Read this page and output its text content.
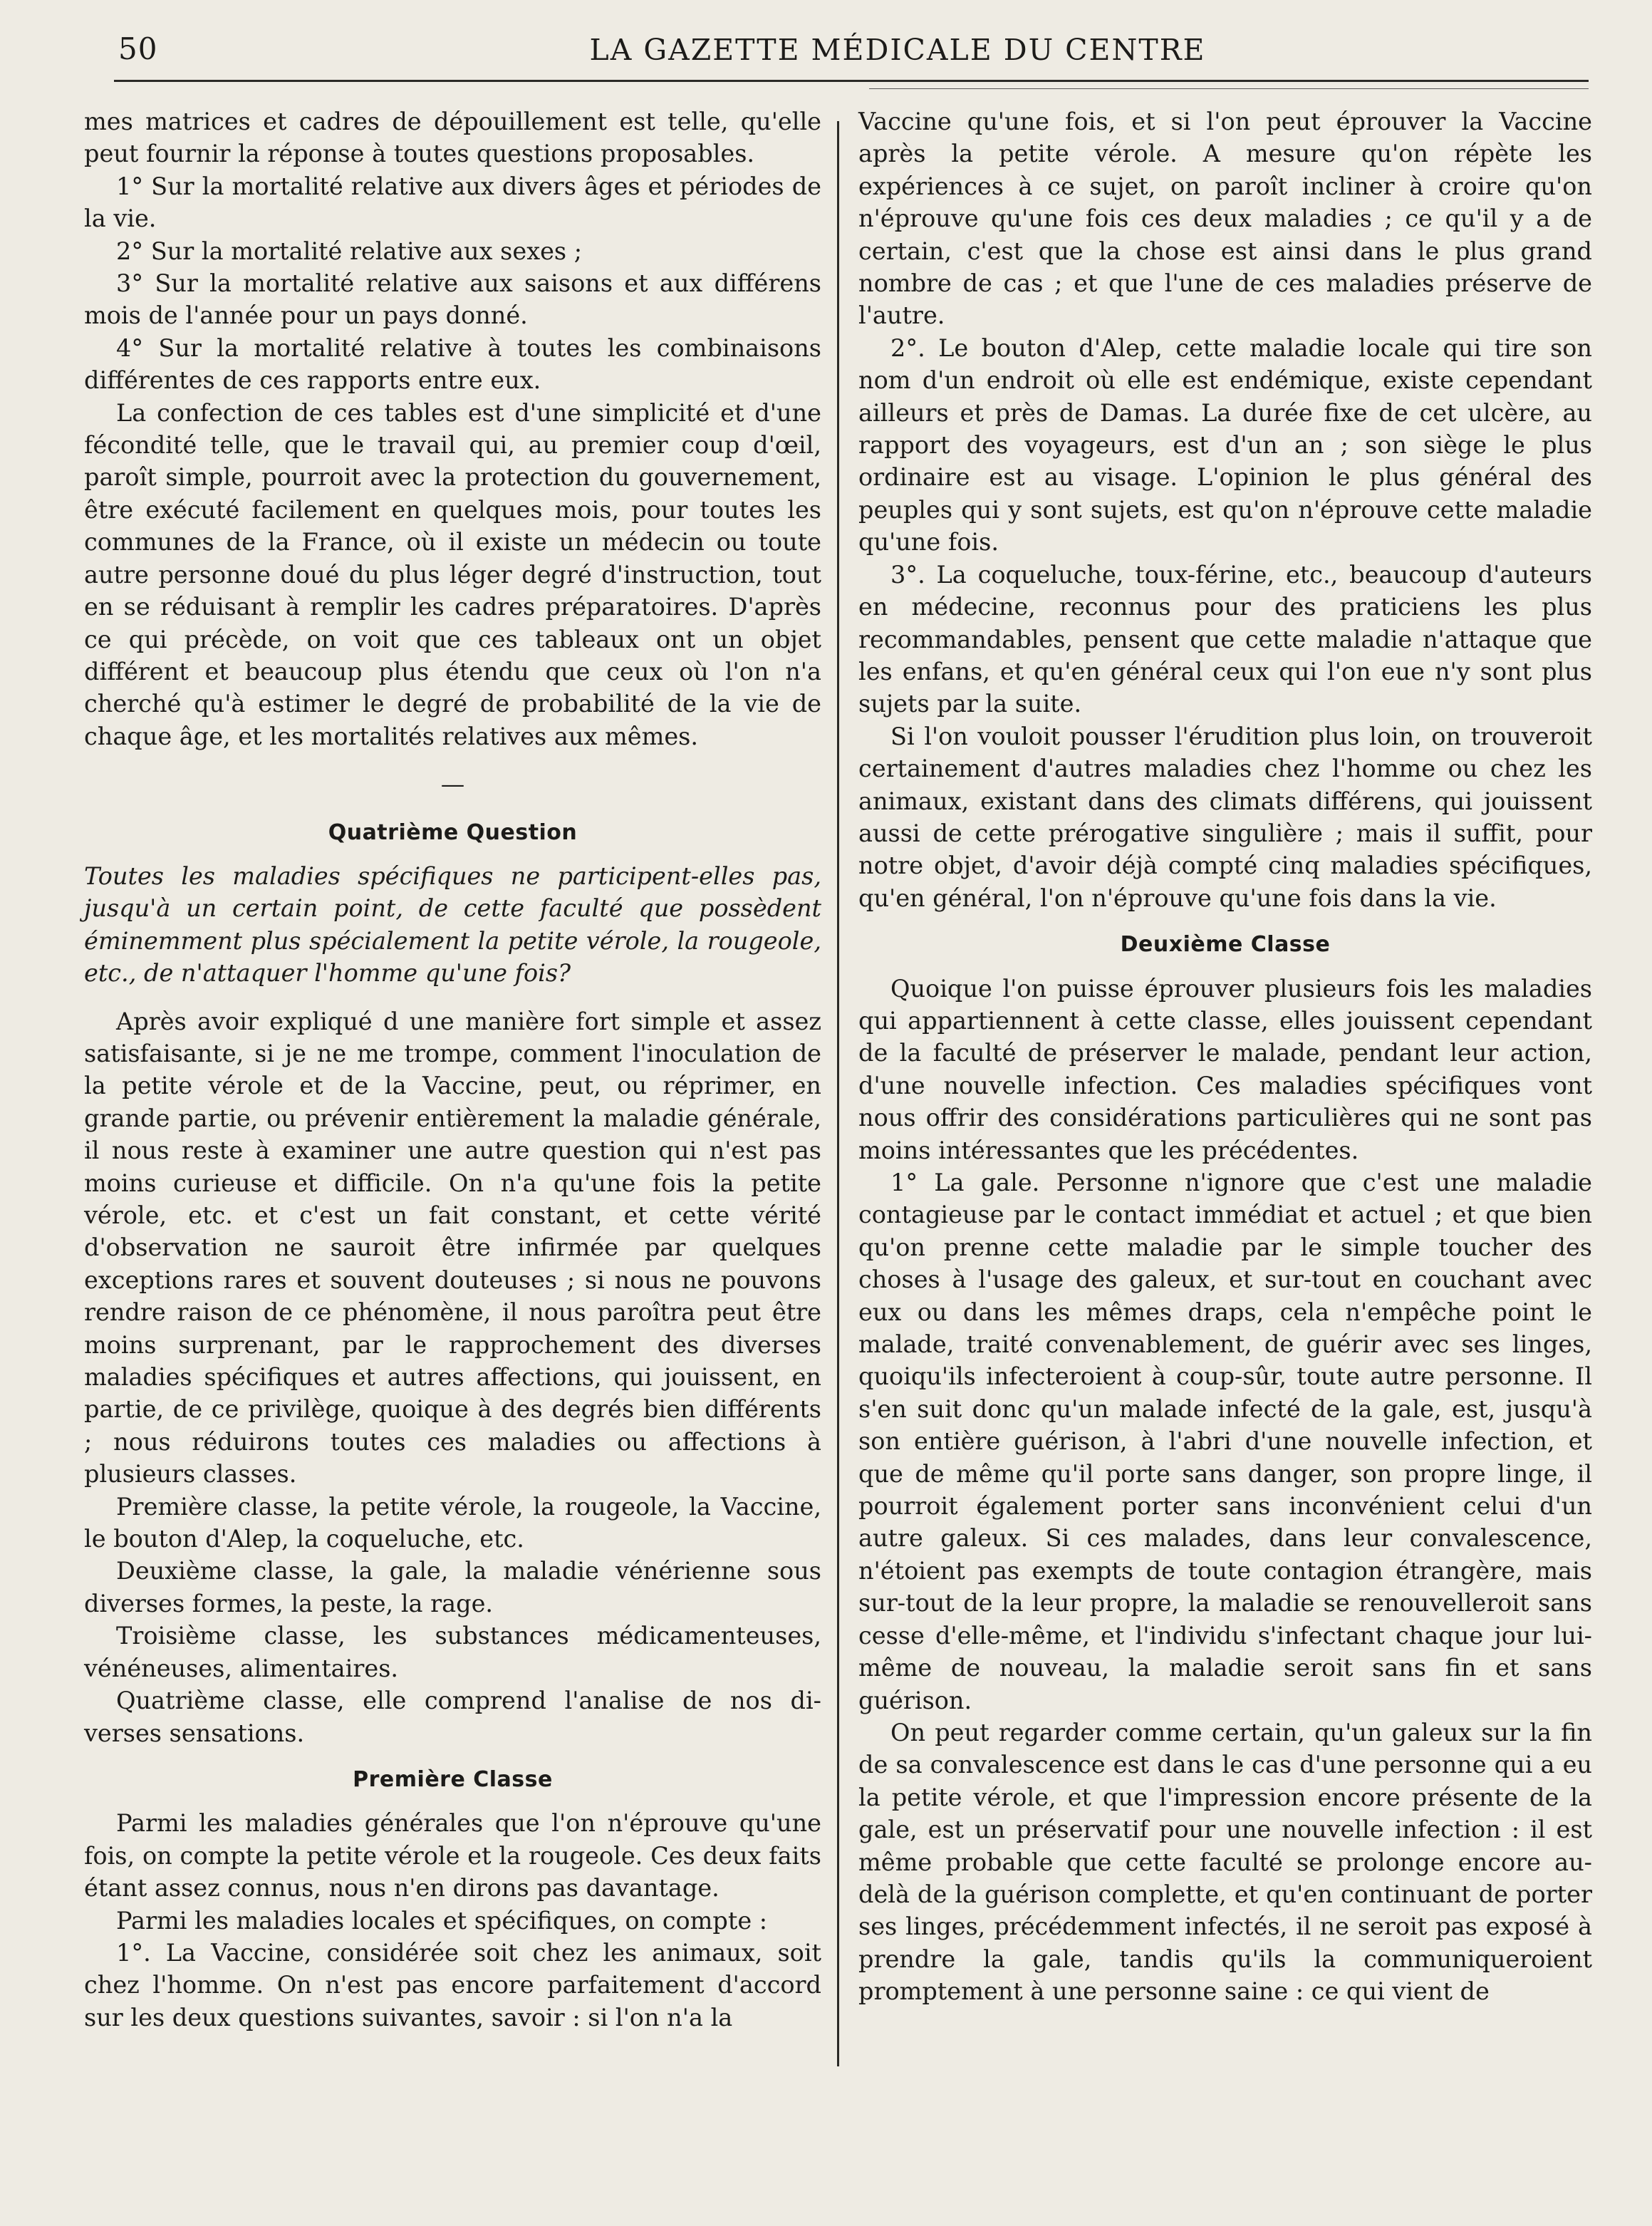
50	LA GAZETTE MÉDICALE DU CENTRE

mes matrices et cadres de dépouillement est telle, qu'elle peut fournir la réponse à toutes questions proposables.

1° Sur la mortalité relative aux divers âges et périodes de la vie.

2° Sur la mortalité relative aux sexes ;

3° Sur la mortalité relative aux saisons et aux différens mois de l'année pour un pays donné.

4° Sur la mortalité relative à toutes les combinaisons différentes de ces rapports entre eux.

La confection de ces tables est d'une simplicité et d'une fécondité telle, que le travail qui, au premier coup d'œil, paroît simple, pourroit avec la protection du gouvernement, être exécuté facilement en quelques mois, pour toutes les communes de la France, où il existe un médecin ou toute autre personne doué du plus léger degré d'instruction, tout en se réduisant à remplir les cadres préparatoires. D'après ce qui précède, on voit que ces tableaux ont un objet différent et beaucoup plus étendu que ceux où l'on n'a cherché qu'à estimer le degré de probabilité de la vie de chaque âge, et les mortalités relatives aux mêmes.

—

Quatrième Question

Toutes les maladies spécifiques ne participent-elles pas, jusqu'à un certain point, de cette faculté que possèdent éminemment plus spécialement la petite vérole, la rougeole, etc., de n'attaquer l'homme qu'une fois?

Après avoir expliqué d une manière fort simple et assez satisfaisante, si je ne me trompe, comment l'inoculation de la petite vérole et de la Vaccine, peut, ou réprimer, en grande partie, ou prévenir entièrement la maladie générale, il nous reste à examiner une autre question qui n'est pas moins curieuse et difficile. On n'a qu'une fois la petite vérole, etc. et c'est un fait constant, et cette vérité d'observation ne sauroit être infirmée par quelques exceptions rares et souvent douteuses ; si nous ne pouvons rendre raison de ce phénomène, il nous paroîtra peut être moins surprenant, par le rapprochement des diverses maladies spécifiques et autres affections, qui jouissent, en partie, de ce privilège, quoique à des degrés bien différents ; nous réduirons toutes ces maladies ou affections à plusieurs classes.

Première classe, la petite vérole, la rougeole, la Vaccine, le bouton d'Alep, la coqueluche, etc.

Deuxième classe, la gale, la maladie vénérienne sous diverses formes, la peste, la rage.

Troisième classe, les substances médicamenteuses, vénéneuses, alimentaires.

Quatrième classe, elle comprend l'analise de nos di-verses sensations.

Première Classe

Parmi les maladies générales que l'on n'éprouve qu'une fois, on compte la petite vérole et la rougeole. Ces deux faits étant assez connus, nous n'en dirons pas davantage.

Parmi les maladies locales et spécifiques, on compte :

1°. La Vaccine, considérée soit chez les animaux, soit chez l'homme. On n'est pas encore parfaitement d'accord sur les deux questions suivantes, savoir : si l'on n'a la

Vaccine qu'une fois, et si l'on peut éprouver la Vaccine après la petite vérole. A mesure qu'on répète les expériences à ce sujet, on paroît incliner à croire qu'on n'éprouve qu'une fois ces deux maladies ; ce qu'il y a de certain, c'est que la chose est ainsi dans le plus grand nombre de cas ; et que l'une de ces maladies préserve de l'autre.

2°. Le bouton d'Alep, cette maladie locale qui tire son nom d'un endroit où elle est endémique, existe cependant ailleurs et près de Damas. La durée fixe de cet ulcère, au rapport des voyageurs, est d'un an ; son siège le plus ordinaire est au visage. L'opinion le plus général des peuples qui y sont sujets, est qu'on n'éprouve cette maladie qu'une fois.

3°. La coqueluche, toux-férine, etc., beaucoup d'auteurs en médecine, reconnus pour des praticiens les plus recommandables, pensent que cette maladie n'attaque que les enfans, et qu'en général ceux qui l'on eue n'y sont plus sujets par la suite.

Si l'on vouloit pousser l'érudition plus loin, on trouveroit certainement d'autres maladies chez l'homme ou chez les animaux, existant dans des climats différens, qui jouissent aussi de cette prérogative singulière ; mais il suffit, pour notre objet, d'avoir déjà compté cinq maladies spécifiques, qu'en général, l'on n'éprouve qu'une fois dans la vie.

Deuxième Classe

Quoique l'on puisse éprouver plusieurs fois les maladies qui appartiennent à cette classe, elles jouissent cependant de la faculté de préserver le malade, pendant leur action, d'une nouvelle infection. Ces maladies spécifiques vont nous offrir des considérations particulières qui ne sont pas moins intéressantes que les précédentes.

1° La gale. Personne n'ignore que c'est une maladie contagieuse par le contact immédiat et actuel ; et que bien qu'on prenne cette maladie par le simple toucher des choses à l'usage des galeux, et sur-tout en couchant avec eux ou dans les mêmes draps, cela n'empêche point le malade, traité convenablement, de guérir avec ses linges, quoiqu'ils infecteroient à coup-sûr, toute autre personne. Il s'en suit donc qu'un malade infecté de la gale, est, jusqu'à son entière guérison, à l'abri d'une nouvelle infection, et que de même qu'il porte sans danger, son propre linge, il pourroit également porter sans inconvénient celui d'un autre galeux. Si ces malades, dans leur convalescence, n'étoient pas exempts de toute contagion étrangère, mais sur-tout de la leur propre, la maladie se renouvelleroit sans cesse d'elle-même, et l'individu s'infectant chaque jour lui-même de nouveau, la maladie seroit sans fin et sans guérison.

On peut regarder comme certain, qu'un galeux sur la fin de sa convalescence est dans le cas d'une personne qui a eu la petite vérole, et que l'impression encore présente de la gale, est un préservatif pour une nouvelle infection : il est même probable que cette faculté se prolonge encore au-delà de la guérison complette, et qu'en continuant de porter ses linges, précédemment infectés, il ne seroit pas exposé à prendre la gale, tandis qu'ils la communiqueroient promptement à une personne saine : ce qui vient de
